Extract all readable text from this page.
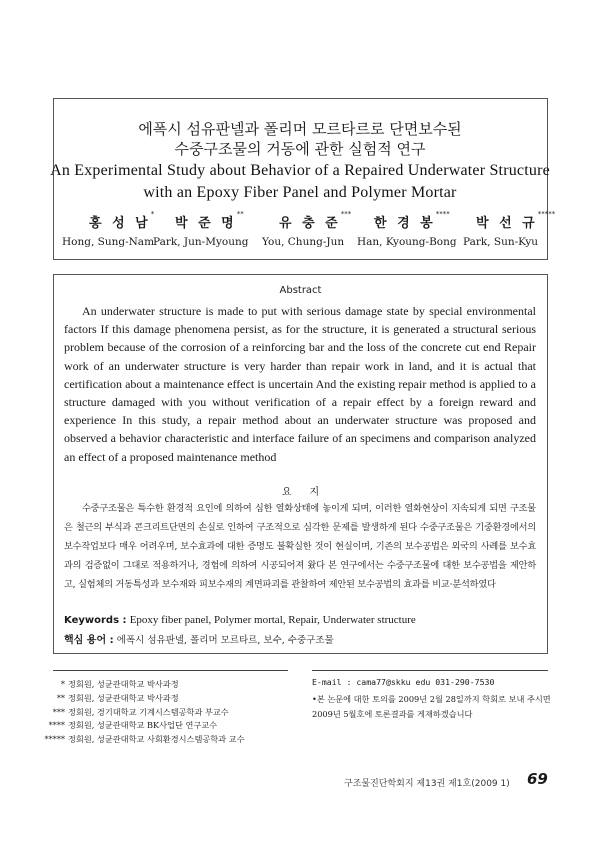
에폭시 섬유판넬과 폴리머 모르타르로 단면보수된
수중구조물의 거동에 관한 실험적 연구
An Experimental Study about Behavior of a Repaired Underwater Structure
with an Epoxy Fiber Panel and Polymer Mortar
홍 성 남*
박 준 명**
유 충 준***
한 경 봉****
박 선 규*****
Hong, Sung-Nam
Park, Jun-Myoung You, Chung-Jun Han, Kyoung-Bong Park, Sun-Kyu
Abstract

An underwater structure is made to put with serious damage state by special environmental factors If this damage phenomena persist, as for the structure, it is generated a structural serious problem because of the corrosion of a reinforcing bar and the loss of the concrete cut end Repair work of an underwater structure is very harder than repair work in land, and it is actual that certification about a maintenance effect is uncertain And the existing repair method is applied to a structure damaged with you without verification of a repair effect by a foreign reward and experience In this study, a repair method about an underwater structure was proposed and observed a behavior characteristic and interface failure of an specimens and comparison analyzed an effect of a proposed maintenance method

요지

수중구조물은 특수한 환경적 요인에 의하여 심한 열화상태에 놓이게 되며, 이러한 열화현상이 지속되게 되면 구조물은 철근의 부식과 콘크리트단면의 손실로 인하여 구조적으로 심각한 문제를 발생하게 된다 수중구조물은 기중환경에서의 보수작업보다 매우 어려우며, 보수효과에 대한 증명도 불확실한 것이 현실이며, 기존의 보수공법은 외국의 사례를 보수효과의 검증없이 그대로 적용하거나, 경험에 의하여 시공되어져 왔다 본 연구에서는 수중구조물에 대한 보수공법을 제안하고, 실험체의 거동특성과 보수재와 피보수재의 계면파괴를 관찰하여 제안된 보수공법의 효과를 비교·분석하였다

Keywords : Epoxy fiber panel, Polymer mortal, Repair, Underwater structure
핵심 용어 : 에폭시 섬유판넬, 폴리머 모르타르, 보수, 수중구조물
* 정회원, 성균관대학교 박사과정
** 정회원, 성균관대학교 박사과정
*** 정회원, 경기대학교 기계시스템공학과 부교수
**** 정회원, 성균관대학교 BK사업단 연구교수
***** 정회원, 성균관대학교 사회환경시스템공학과 교수
E-mail : cama77@skku edu 031-290-7530
•본 논문에 대한 토의를 2009년 2월 28일까지 학회로 보내 주시면 2009년 5월호에 토론결과를 게재하겠습니다
구조물진단학회지 제13권 제1호(2009 1) 69
